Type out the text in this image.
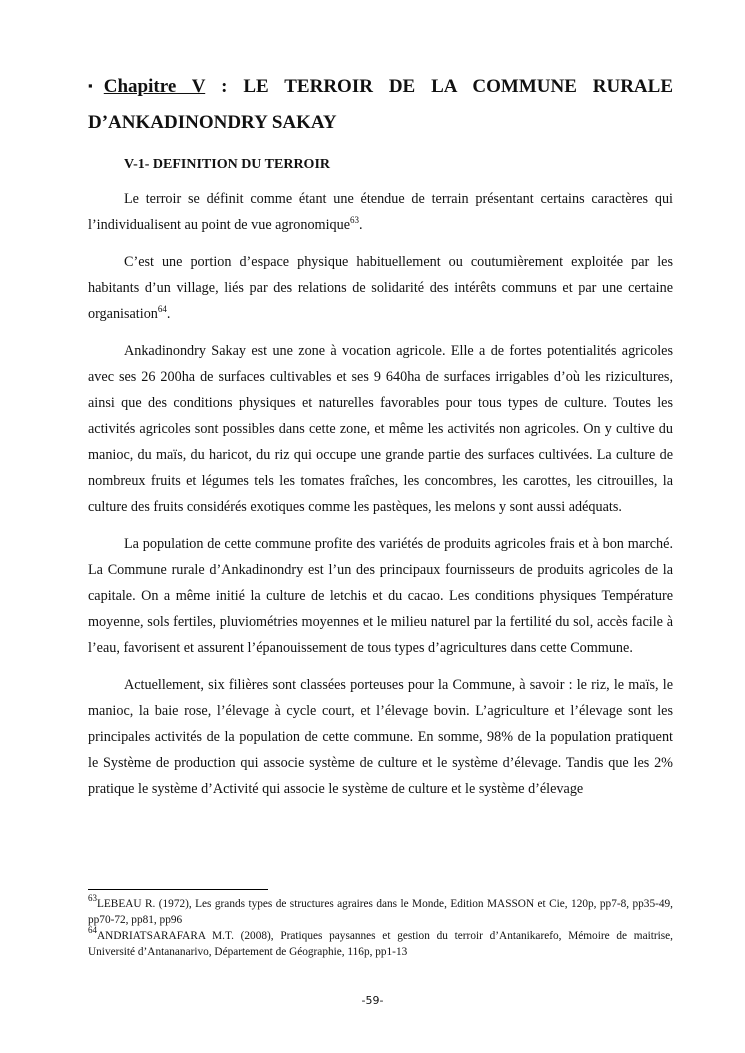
▪Chapitre V : LE TERROIR DE LA COMMUNE RURALE
D’ANKADINONDRY SAKAY
V-1- DEFINITION DU TERROIR

Le terroir se définit comme étant une étendue de terrain présentant certains caractères qui l’individualisent au point de vue agronomique$^{63}$.

C’est une portion d’espace physique habituellement ou coutumièrement exploitée par les habitants d’un village, liés par des relations de solidarité des intérêts communs et par une certaine organisation$^{64}$.

Ankadinondry Sakay est une zone à vocation agricole. Elle a de fortes potentialités agricoles avec ses 26 200ha de surfaces cultivables et ses 9 640ha de surfaces irrigables d’où les rizicultures, ainsi que des conditions physiques et naturelles favorables pour tous types de culture. Toutes les activités agricoles sont possibles dans cette zone, et même les activités non agricoles. On y cultive du manioc, du maïs, du haricot, du riz qui occupe une grande partie des surfaces cultivées. La culture de nombreux fruits et légumes tels les tomates fraîches, les concombres, les carottes, les citrouilles, la culture des fruits considérés exotiques comme les pastèques, les melons y sont aussi adéquats.

La population de cette commune profite des variétés de produits agricoles frais et à bon marché. La Commune rurale d’Ankadinondry est l’un des principaux fournisseurs de produits agricoles de la capitale. On a même initié la culture de letchis et du cacao. Les conditions physiques Température moyenne, sols fertiles, pluviométries moyennes et le milieu naturel par la fertilité du sol, accès facile à l’eau, favorisent et assurent l’épanouissement de tous types d’agricultures dans cette Commune.

Actuellement, six filières sont classées porteuses pour la Commune, à savoir : le riz, le maïs, le manioc, la baie rose, l’élevage à cycle court, et l’élevage bovin. L’agriculture et l’élevage sont les principales activités de la population de cette commune. En somme, 98% de la population pratiquent le Système de production qui associe système de culture et le système d’élevage. Tandis que les 2% pratique le système d’Activité qui associe le système de culture et le système d’élevage

$^{63}$LEBEAU R. (1972), Les grands types de structures agraires dans le Monde, Edition MASSON et Cie, 120p, pp7-8, pp35-49, pp70-72, pp81, pp96

$^{64}$ANDRIATSARAFARA M.T. (2008), Pratiques paysannes et gestion du terroir d’Antanikarefo, Mémoire de maitrise, Université d’Antananarivo, Département de Géographie, 116p, pp1-13

-59-
